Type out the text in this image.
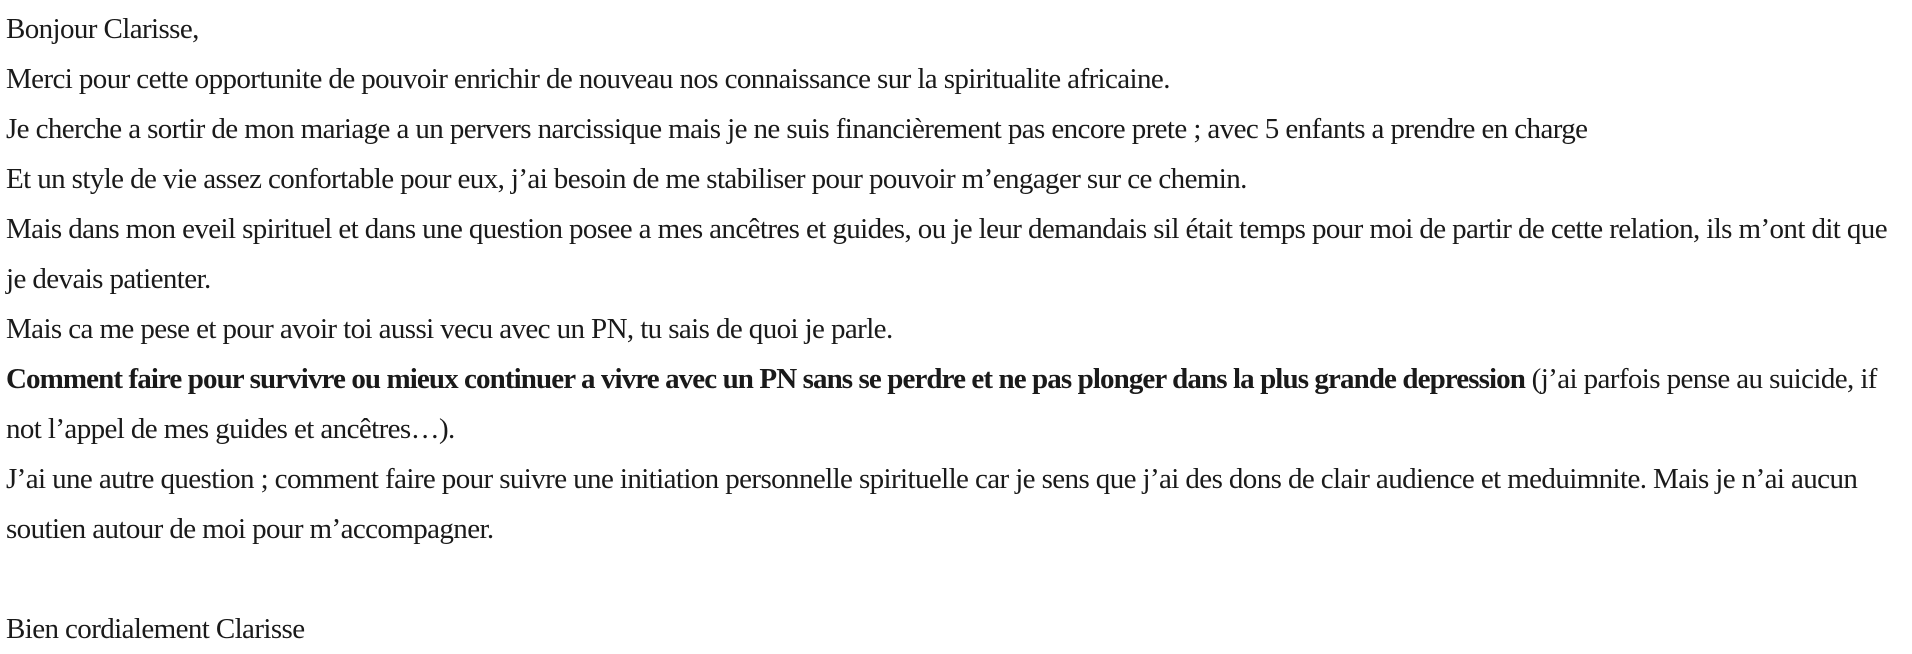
Bonjour Clarisse,

Merci pour cette opportunite de pouvoir enrichir de nouveau nos connaissance sur la spiritualite africaine.

Je cherche a sortir de mon mariage a un pervers narcissique mais je ne suis financièrement pas encore prete ; avec 5 enfants a prendre en charge

Et un style de vie assez confortable pour eux, j’ai besoin de me stabiliser pour pouvoir m’engager sur ce chemin.

Mais dans mon eveil spirituel et dans une question posee a mes ancêtres et guides, ou je leur demandais sil était temps pour moi de partir de cette relation, ils m’ont dit que je devais patienter.

Mais ca me pese et pour avoir toi aussi vecu avec un PN, tu sais de quoi je parle.

Comment faire pour survivre ou mieux continuer a vivre avec un PN sans se perdre et ne pas plonger dans la plus grande depression (j’ai parfois pense au suicide, if not l’appel de mes guides et ancêtres…).

J’ai une autre question ; comment faire pour suivre une initiation personnelle spirituelle car je sens que j’ai des dons de clair audience et meduimnite. Mais je n’ai aucun soutien autour de moi pour m’accompagner.

Bien cordialement Clarisse
